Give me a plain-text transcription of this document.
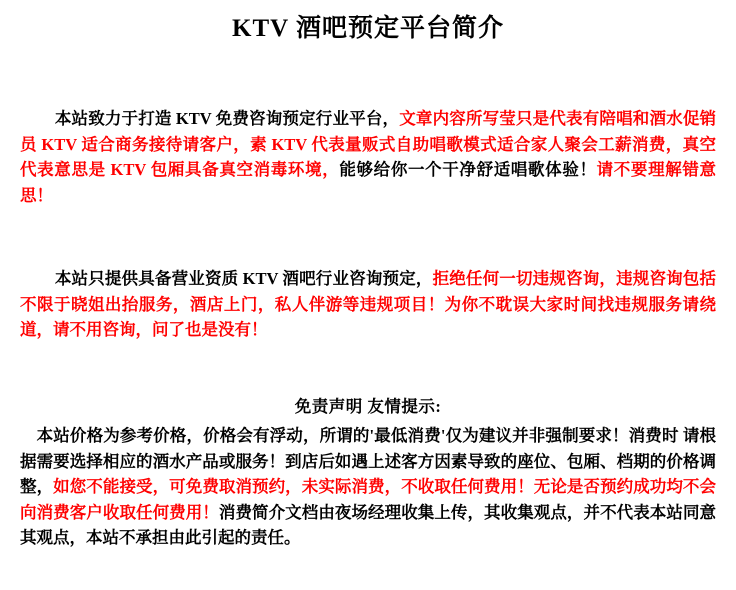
KTV 酒吧预定平台简介

本站致力于打造 KTV 免费咨询预定行业平台，文章内容所写莹只是代表有陪唱和酒水促销员 KTV 适合商务接待请客户，素 KTV 代表量贩式自助唱歌模式适合家人聚会工薪消费，真空代表意思是 KTV 包厢具备真空消毒环境，能够给你一个干净舒适唱歌体验！请不要理解错意思！

本站只提供具备营业资质 KTV 酒吧行业咨询预定，拒绝任何一切违规咨询，违规咨询包括不限于晓姐出抬服务，酒店上门，私人伴游等违规项目！为你不耽误大家时间找违规服务请绕道，请不用咨询，问了也是没有！

免责声明 友情提示:

本站价格为参考价格，价格会有浮动，所谓的'最低消费'仅为建议并非强制要求！消费时 请根据需要选择相应的酒水产品或服务！到店后如遇上述客方因素导致的座位、包厢、档期的价格调整，如您不能接受，可免费取消预约，未实际消费，不收取任何费用！无论是否预约成功均不会向消费客户收取任何费用！消费简介文档由夜场经理收集上传，其收集观点，并不代表本站同意其观点，本站不承担由此引起的责任。
